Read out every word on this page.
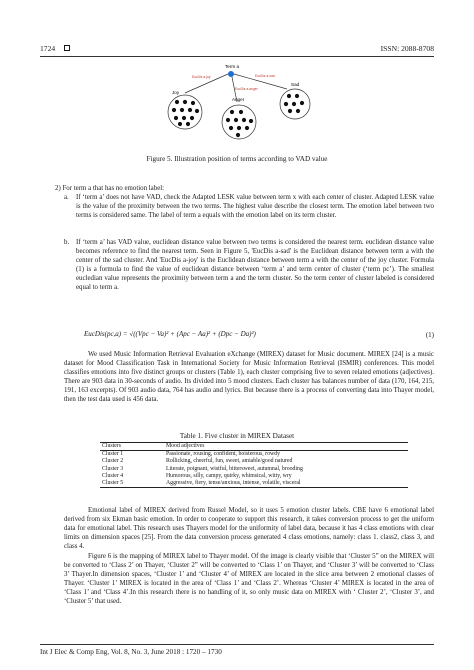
1724	ISSN: 2088-8708
Term a
EucDis a-joy	EucDis a-sad
EucDis a-anger
Joy
Sad
Anger
Figure 5. Illustration position of terms according to VAD value
2) For term a that has no emotion label:
a. If ‘term a’ does not have VAD, check the Adapted LESK value between term x with each center of cluster. Adapted LESK value is the value of the proximity between the two terms. The highest value describe the closest term. The emotion label between two terms is considered same. The label of term a equals with the emotion label on its term cluster.

b. If ‘term a’ has VAD value, euclidean distance value between two terms is considered the nearest term. euclidean distance value becomes reference to find the nearest term. Seen in Figure 5, 'EucDis a-sad' is the Euclidean distance between term a with the center of the sad cluster. And 'EucDis a-joy' is the Euclidean distance between term a with the center of the joy cluster. Formula (1) is a formula to find the value of euclidean distance between ‘term a’ and term center of cluster (‘term pc’). The smallest eucledian value represents the proximity between term a and the term cluster. So the term center of cluster labeled is considered equal to term a.

EucDis(pc,a) = √((Vpc − Va)² + (Apc − Aa)² + (Dpc − Da)²)	(1)
We used Music Information Retrieval Evaluation eXchange (MIREX) dataset for Music document. MIREX [24] is a music dataset for Mood Classification Task in International Society for Music Information Retrieval (ISMIR) conferences. This model classifies emotions into five distinct groups or clusters (Table 1), each cluster comprising five to seven related emotions (adjectives). There are 903 data in 30-seconds of audio. Its divided into 5 mood clusters. Each cluster has balances number of data (170, 164, 215, 191, 163 excerpts). Of 903 audio data, 764 has audio and lyrics. But because there is a process of converting data into Thayer model, then the test data used is 456 data.
Table 1. Five cluster in MIREX Dataset
Clusters	Mood adjectives
Cluster 1	Passionate, rousing, confident, boisterous, rowdy
Cluster 2	Rollicking, cheerful, fun, sweet, amiable/good natured
Cluster 3	Literate, poignant, wistful, bittersweet, autumnal, brooding
Cluster 4	Humorous, silly, campy, quirky, whimsical, witty, wry
Cluster 5	Aggressive, fiery, tense/anxious, intense, volatile, visceral
Emotional label of MIREX derived from Russel Model, so it uses 5 emotion cluster labels. CBE have 6 emotional label derived from six Ekman basic emotion. In order to cooperate to support this research, it takes conversion process to get the uniform data for emotional label. This research uses Thayers model for the uniformity of label data, because it has 4 class emotions with clear limits on dimension spaces [25]. From the data conversion process generated 4 class emotions, namely: class 1. class2, class 3, and class 4.
Figure 6 is the mapping of MIREX label to Thayer model. Of the image is clearly visible that ‘Cluster 5” on the MIREX will be converted to ‘Class 2’ on Thayer, ‘Cluster 2” will be converted to ‘Class 1’ on Thayer, and ‘Cluster 3’ will be converted to ‘Class 3’ Thayer.In dimension spaces, ‘Cluster 1’ and ‘Cluster 4’ of MIREX are located in the slice area between 2 emotional classes of Thayer. ‘Cluster 1’ MIREX is located in the area of ‘Class 1’ and ‘Class 2’. Whereas ‘Cluster 4’ MIREX is located in the area of ‘Class 1’ and ‘Class 4’.In this research there is no handling of it, so only music data on MIREX with ‘ Cluster 2’, ‘Cluster 3’, and ‘Cluster 5’ that used.
Int J Elec & Comp Eng, Vol. 8, No. 3, June 2018 : 1720 – 1730
